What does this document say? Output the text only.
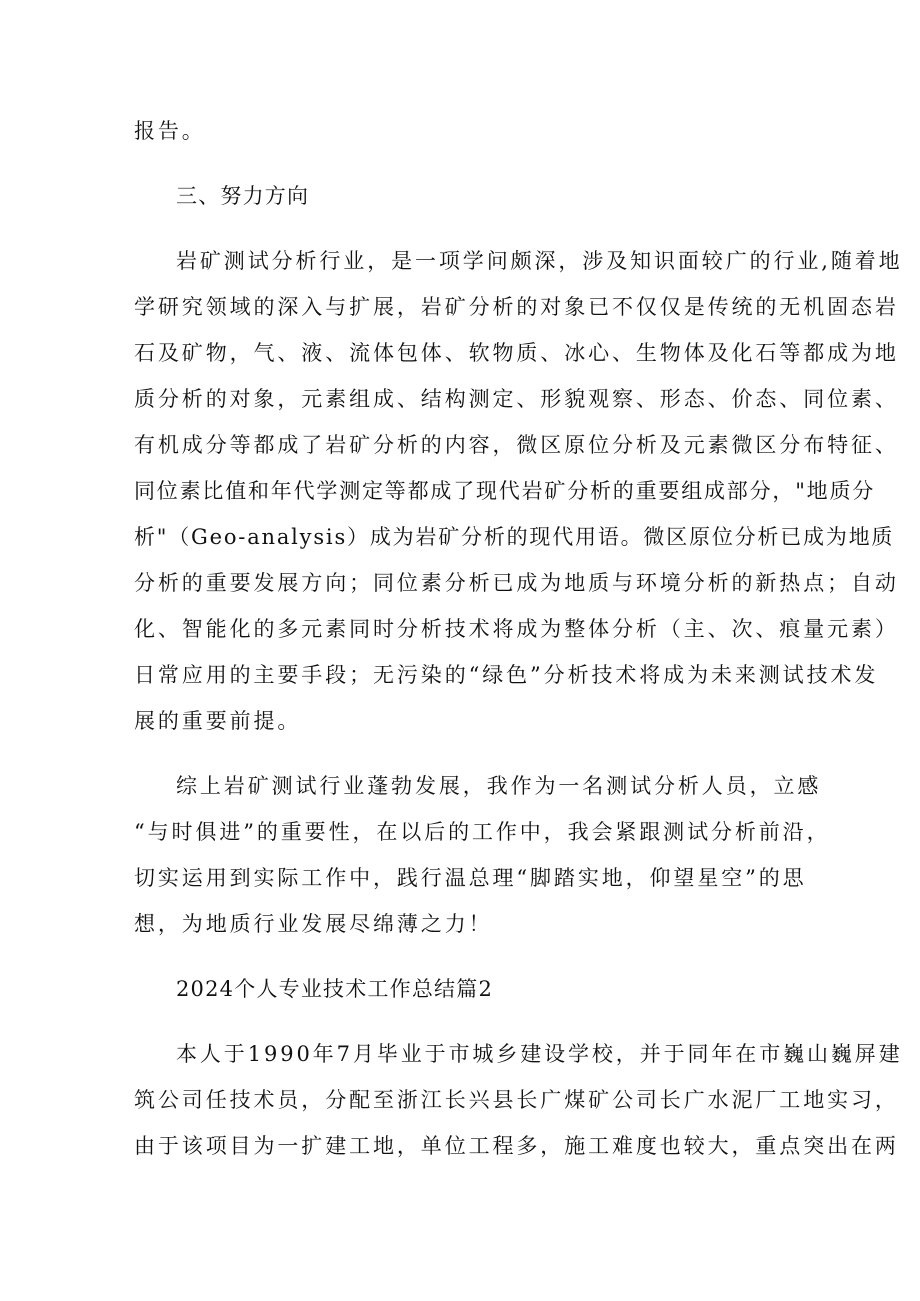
报告。
三、努力方向
岩矿测试分析行业，是一项学问颇深，涉及知识面较广的行业,随着地
学研究领域的深入与扩展，岩矿分析的对象已不仅仅是传统的无机固态岩
石及矿物，气、液、流体包体、软物质、冰心、生物体及化石等都成为地
质分析的对象，元素组成、结构测定、形貌观察、形态、价态、同位素、
有机成分等都成了岩矿分析的内容，微区原位分析及元素微区分布特征、
同位素比值和年代学测定等都成了现代岩矿分析的重要组成部分，"地质分
析"（Geo-analysis）成为岩矿分析的现代用语。微区原位分析已成为地质
分析的重要发展方向；同位素分析已成为地质与环境分析的新热点；自动
化、智能化的多元素同时分析技术将成为整体分析（主、次、痕量元素）
日常应用的主要手段；无污染的“绿色”分析技术将成为未来测试技术发
展的重要前提。
综上岩矿测试行业蓬勃发展，我作为一名测试分析人员，立感
“与时俱进”的重要性，在以后的工作中，我会紧跟测试分析前沿，
切实运用到实际工作中，践行温总理“脚踏实地，仰望星空”的思
想，为地质行业发展尽绵薄之力！
2024个人专业技术工作总结篇2
本人于1990年7月毕业于市城乡建设学校，并于同年在市巍山巍屏建
筑公司任技术员，分配至浙江长兴县长广煤矿公司长广水泥厂工地实习，
由于该项目为一扩建工地，单位工程多，施工难度也较大，重点突出在两
